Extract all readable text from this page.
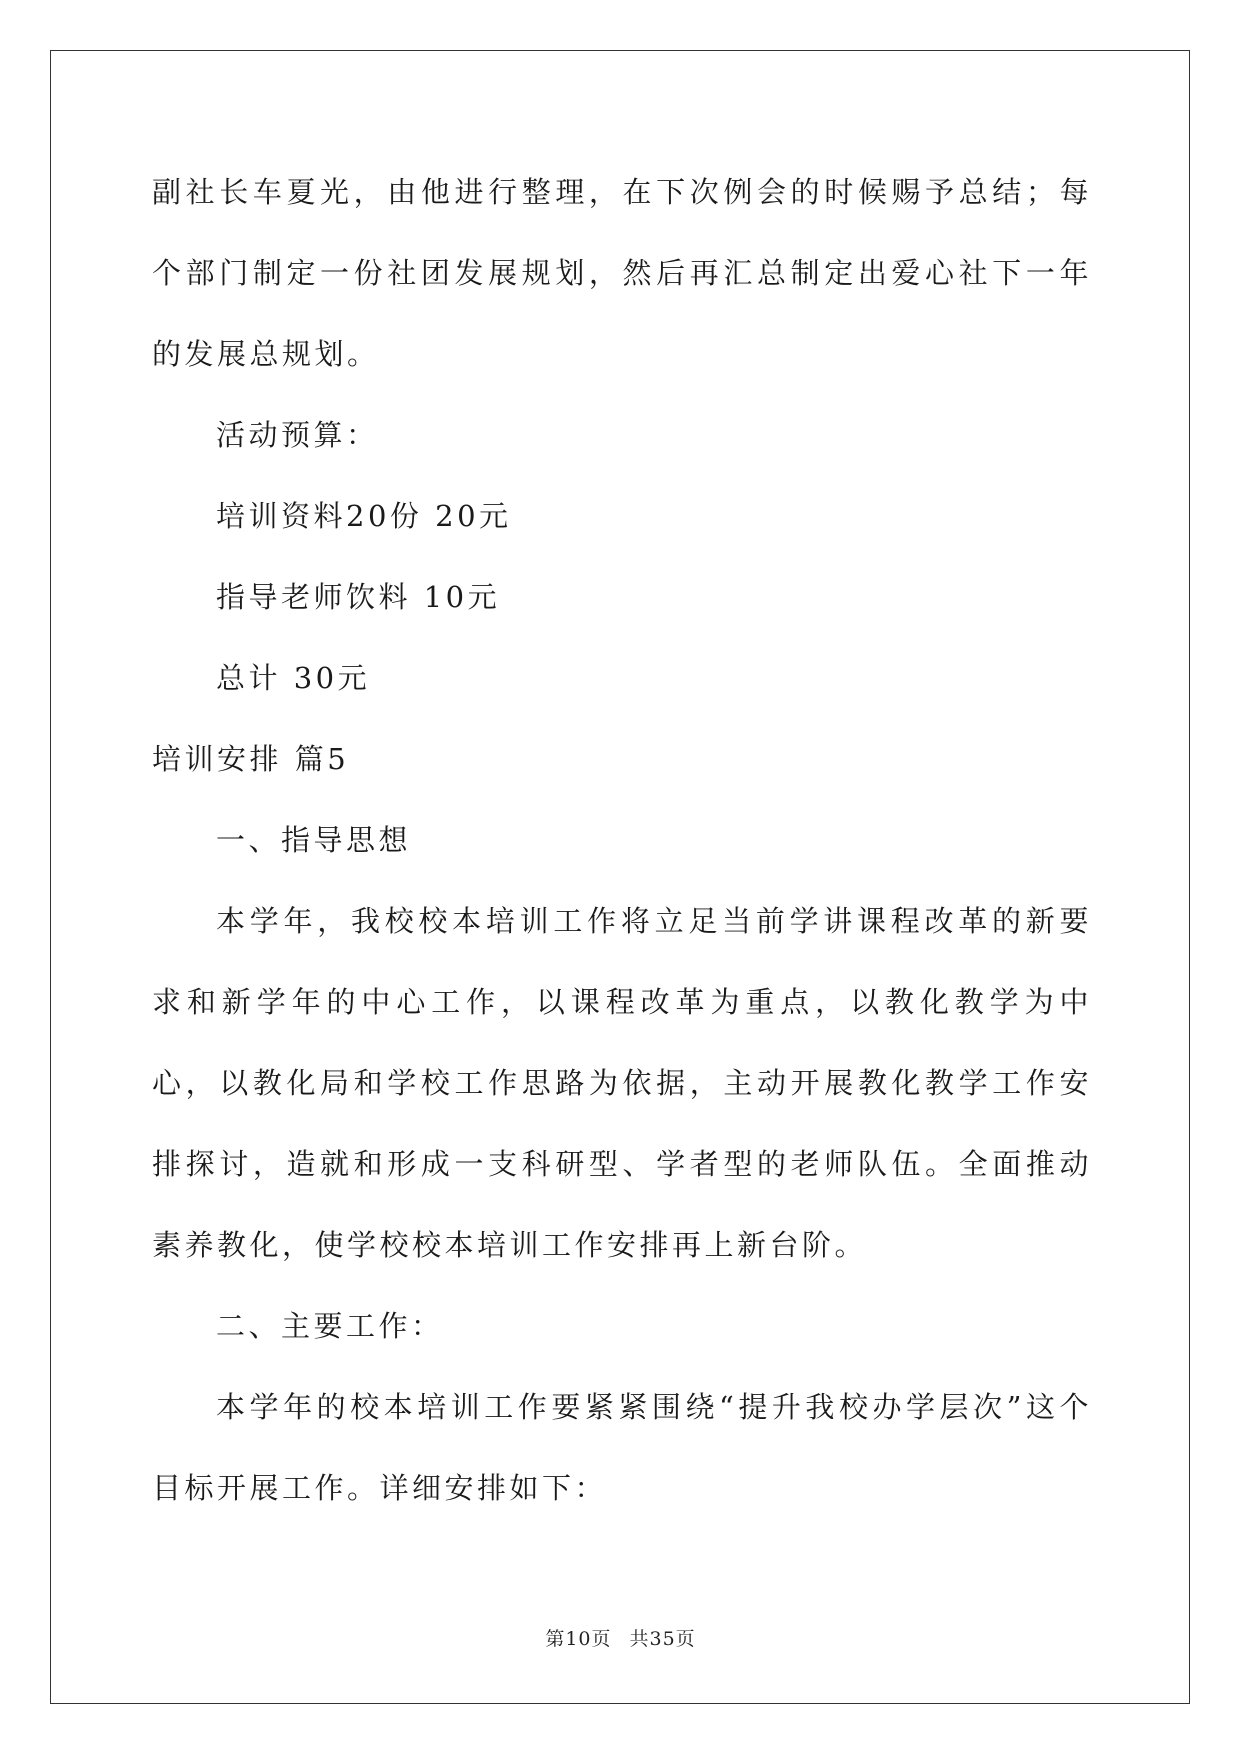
副社长车夏光，由他进行整理，在下次例会的时候赐予总结；每个部门制定一份社团发展规划，然后再汇总制定出爱心社下一年的发展总规划。

活动预算：

培训资料20份 20元

指导老师饮料 10元

总计 30元

培训安排 篇5

一、指导思想

本学年，我校校本培训工作将立足当前学讲课程改革的新要求和新学年的中心工作，以课程改革为重点，以教化教学为中心，以教化局和学校工作思路为依据，主动开展教化教学工作安排探讨，造就和形成一支科研型、学者型的老师队伍。全面推动素养教化，使学校校本培训工作安排再上新台阶。

二、主要工作：

本学年的校本培训工作要紧紧围绕“提升我校办学层次”这个目标开展工作。详细安排如下：

第10页 共35页
